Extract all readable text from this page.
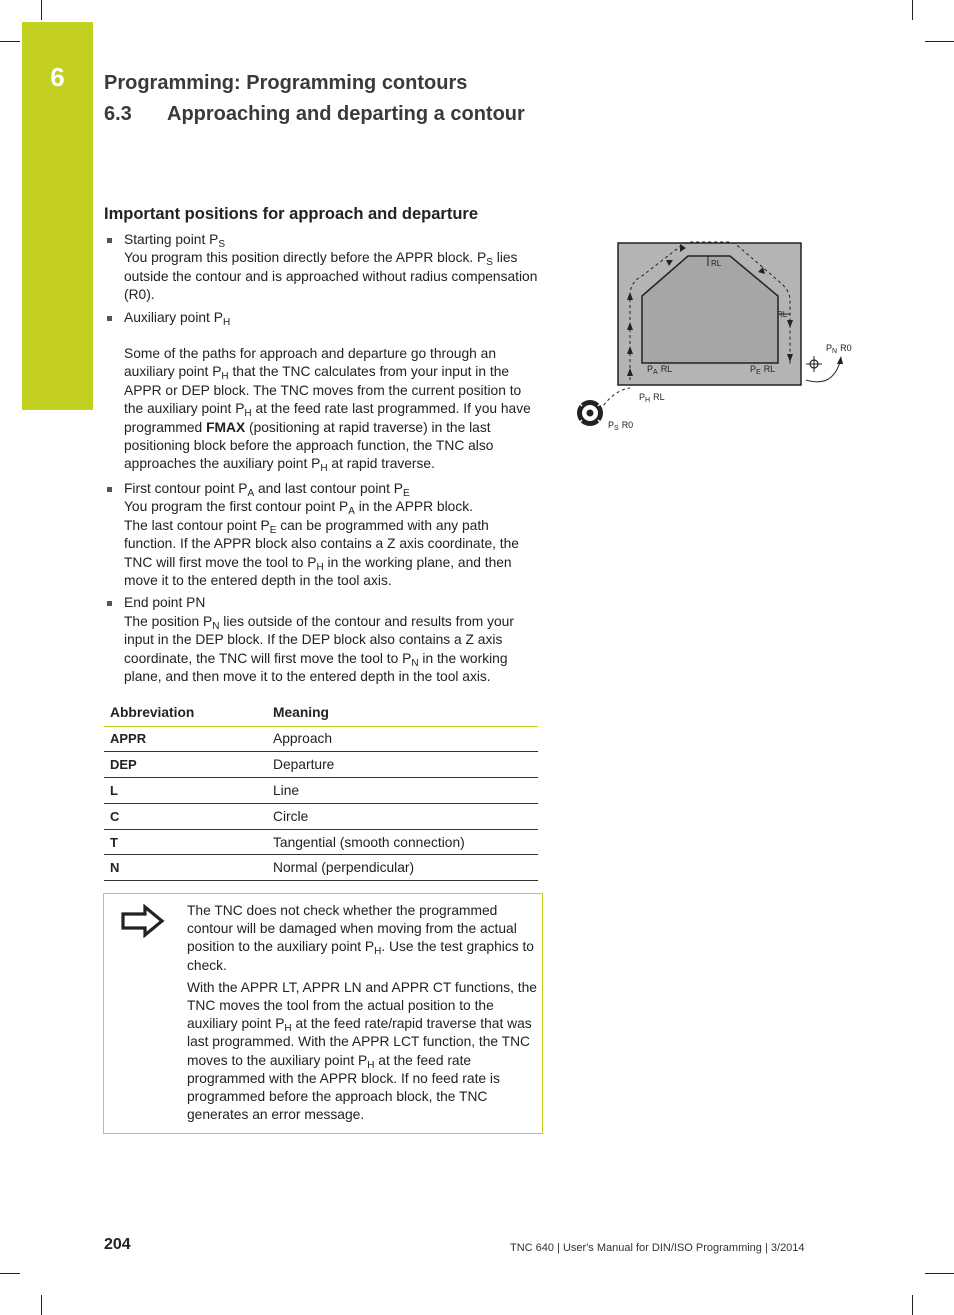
6	Programming: Programming contours
6.3 Approaching and departing a contour
Important positions for approach and departure
Starting point $P_S$
You program this position directly before the APPR block. $P_S$ lies outside the contour and is approached without radius compensation (R0).
Auxiliary point $P_H$
Some of the paths for approach and departure go through an auxiliary point $P_H$ that the TNC calculates from your input in the APPR or DEP block. The TNC moves from the current position to the auxiliary point $P_H$ at the feed rate last programmed. If you have programmed FMAX (positioning at rapid traverse) in the last positioning block before the approach function, the TNC also approaches the auxiliary point $P_H$ at rapid traverse.
First contour point $P_A$ and last contour point $P_E$
You program the first contour point $P_A$ in the APPR block.
The last contour point $P_E$ can be programmed with any path function. If the APPR block also contains a Z axis coordinate, the TNC will first move the tool to $P_H$ in the working plane, and then move it to the entered depth in the tool axis.
End point PN
The position $P_N$ lies outside of the contour and results from your input in the DEP block. If the DEP block also contains a Z axis coordinate, the TNC will first move the tool to $P_N$ in the working plane, and then move it to the entered depth in the tool axis.
Abbreviation	Meaning
APPR	Approach
DEP	Departure
L	Line
C	Circle
T	Tangential (smooth connection)
N	Normal (perpendicular)

The TNC does not check whether the programmed contour will be damaged when moving from the actual position to the auxiliary point $P_H$. Use the test graphics to check.

With the APPR LT, APPR LN and APPR CT functions, the TNC moves the tool from the actual position to the auxiliary point $P_H$ at the feed rate/rapid traverse that was last programmed. With the APPR LCT function, the TNC moves to the auxiliary point $P_H$ at the feed rate programmed with the APPR block. If no feed rate is programmed before the approach block, the TNC generates an error message.

RL
RL
$P_A$ RL	$P_E$ RL
$P_N$ R0
$P_H$ RL
$P_S$ R0
204	TNC 640 | User's Manual for DIN/ISO Programming | 3/2014
